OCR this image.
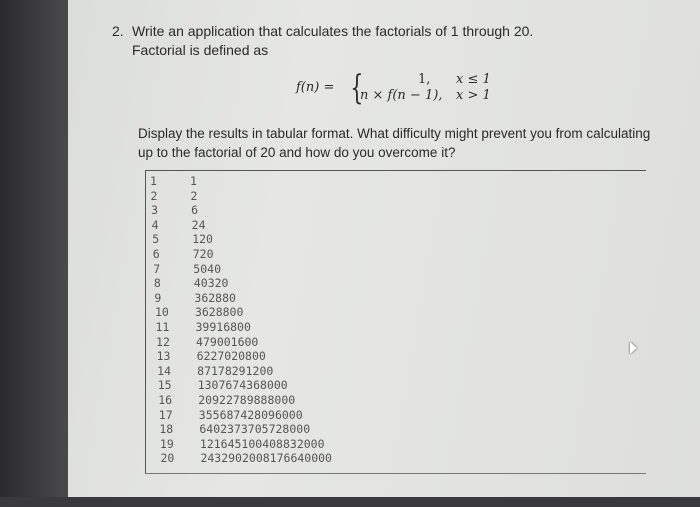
2. Write an application that calculates the factorials of 1 through 20.
Factorial is defined as
f(n) = {	1, x ≤ 1
n × f(n − 1), x > 1
Display the results in tabular format. What difficulty might prevent you from calculating up to the factorial of 20 and how do you overcome it?
1	1
2	2
3	6
4	24
5	120
6	720
7	5040
8	40320
9	362880
10 3628800
11 39916800
12 479001600
13 6227020800
14 87178291200
15 1307674368000
16 20922789888000
17 355687428096000
18 6402373705728000
19 121645100408832000
20 2432902008176640000
